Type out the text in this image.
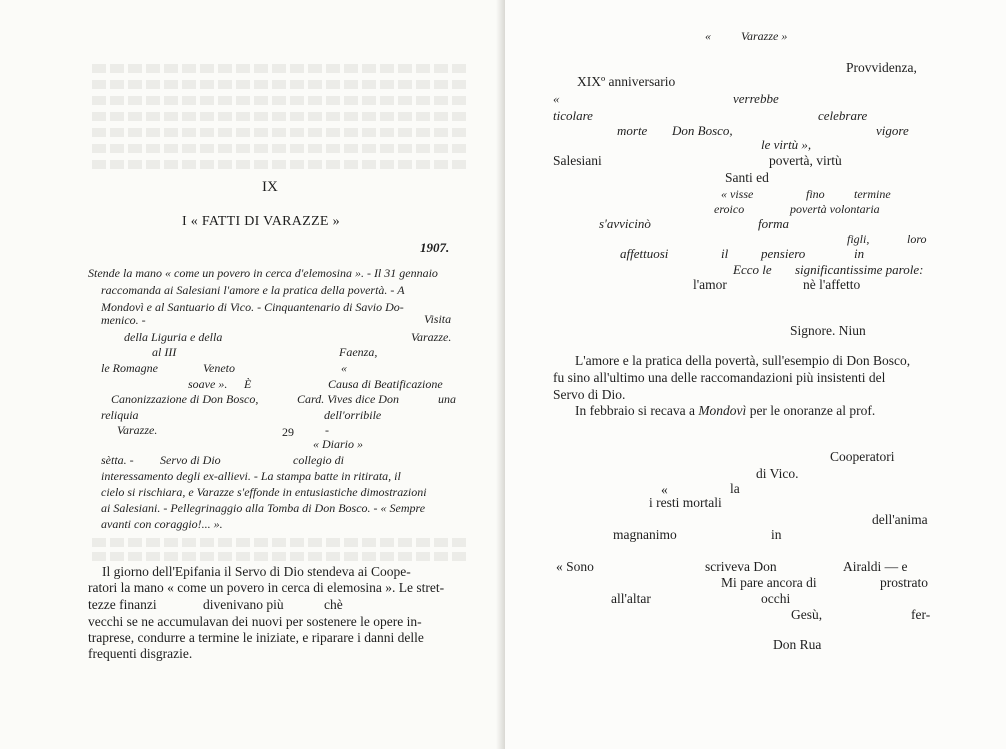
IX
I « FATTI DI VARAZZE »
1907.
Stende la mano « come un povero in cerca d'elemosina ». - Il 31 gennaio
raccomanda ai Salesiani l'amore e la pratica della povertà. - A
Mondovì e al Santuario di Vico. - Cinquantenario di Savio Do-
menico. -	Visita
della Liguria e della	Varazze.
al III	Faenza,
le Romagne	Veneto	«
soave ». È
Canonizzazione di Don Bosco,
Causa di Beatificazione
Card. Vives dice Don	una
reliquia	dell'orribile
Varazze.	29	-
« Diario »
sètta. - Servo di Dio	collegio di
interessamento degli ex-allievi. - La stampa batte in ritirata, il
cielo si rischiara, e Varazze s'effonde in entusiastiche dimostrazioni
ai Salesiani. - Pellegrinaggio alla Tomba di Don Bosco. - « Sempre
avanti con coraggio!... ».
Il giorno dell'Epifania il Servo di Dio stendeva ai Coope-
ratori la mano « come un povero in cerca di elemosina ». Le stret-
tezze finanzi	divenivano più	chè
vecchi se ne accumulavan dei nuovi per sostenere le opere in-
traprese, condurre a termine le iniziate, e riparare i danni delle
frequenti disgrazie.
«          Varazze »
Provvidenza,
XIXº anniversario
«	verrebbe
ticolare	celebrare
morte Don Bosco,	vigore
le virtù »,
Salesiani	povertà, virtù
Santi ed
« visse	fino termine
eroico	povertà volontaria
s'avvicinò	forma
figli,	loro
affettuosi	il	pensiero	in
Ecco le significantissime parole:
l'amor	nè l'affetto
Signore. Niun
L'amore e la pratica della povertà, sull'esempio di Don Bosco,
fu sino all'ultimo una delle raccomandazioni più insistenti del
Servo di Dio.
In febbraio si recava a Mondovì per le onoranze al prof.
Cooperatori
di Vico.
«	la
i resti mortali
dell'anima
magnanimo	in
« Sono	scriveva Don	Airaldi — e
Mi pare ancora di	prostrato
all'altar	occhi
Gesù,	fer-
Don Rua
